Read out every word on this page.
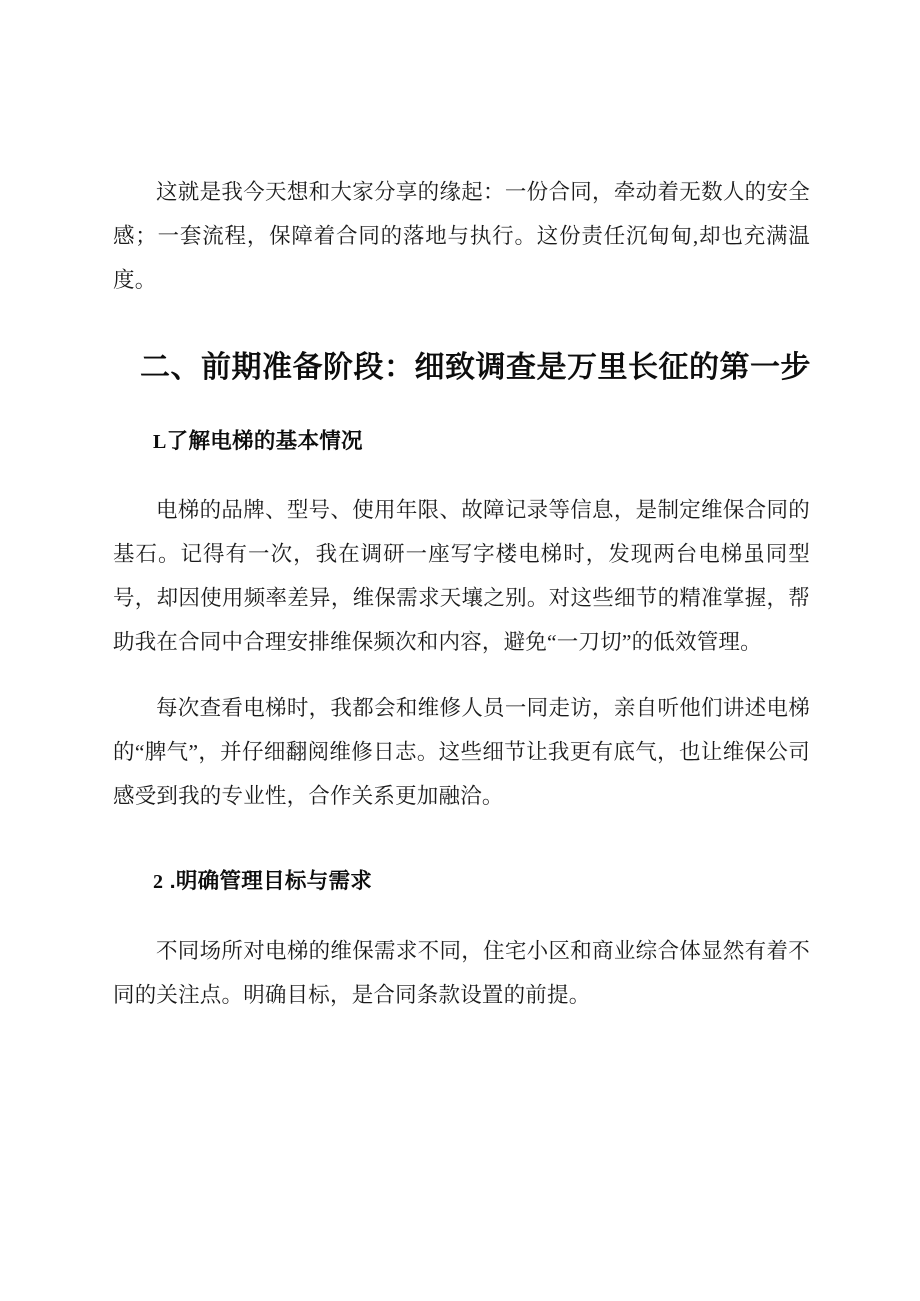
这就是我今天想和大家分享的缘起：一份合同，牵动着无数人的安全感；一套流程，保障着合同的落地与执行。这份责任沉甸甸,却也充满温度。

二、前期准备阶段：细致调查是万里长征的第一步
L了解电梯的基本情况

电梯的品牌、型号、使用年限、故障记录等信息，是制定维保合同的基石。记得有一次，我在调研一座写字楼电梯时，发现两台电梯虽同型号，却因使用频率差异，维保需求天壤之别。对这些细节的精准掌握，帮助我在合同中合理安排维保频次和内容，避免“一刀切”的低效管理。

每次查看电梯时，我都会和维修人员一同走访，亲自听他们讲述电梯的“脾气”，并仔细翻阅维修日志。这些细节让我更有底气，也让维保公司感受到我的专业性，合作关系更加融洽。

2 .明确管理目标与需求

不同场所对电梯的维保需求不同，住宅小区和商业综合体显然有着不同的关注点。明确目标，是合同条款设置的前提。
